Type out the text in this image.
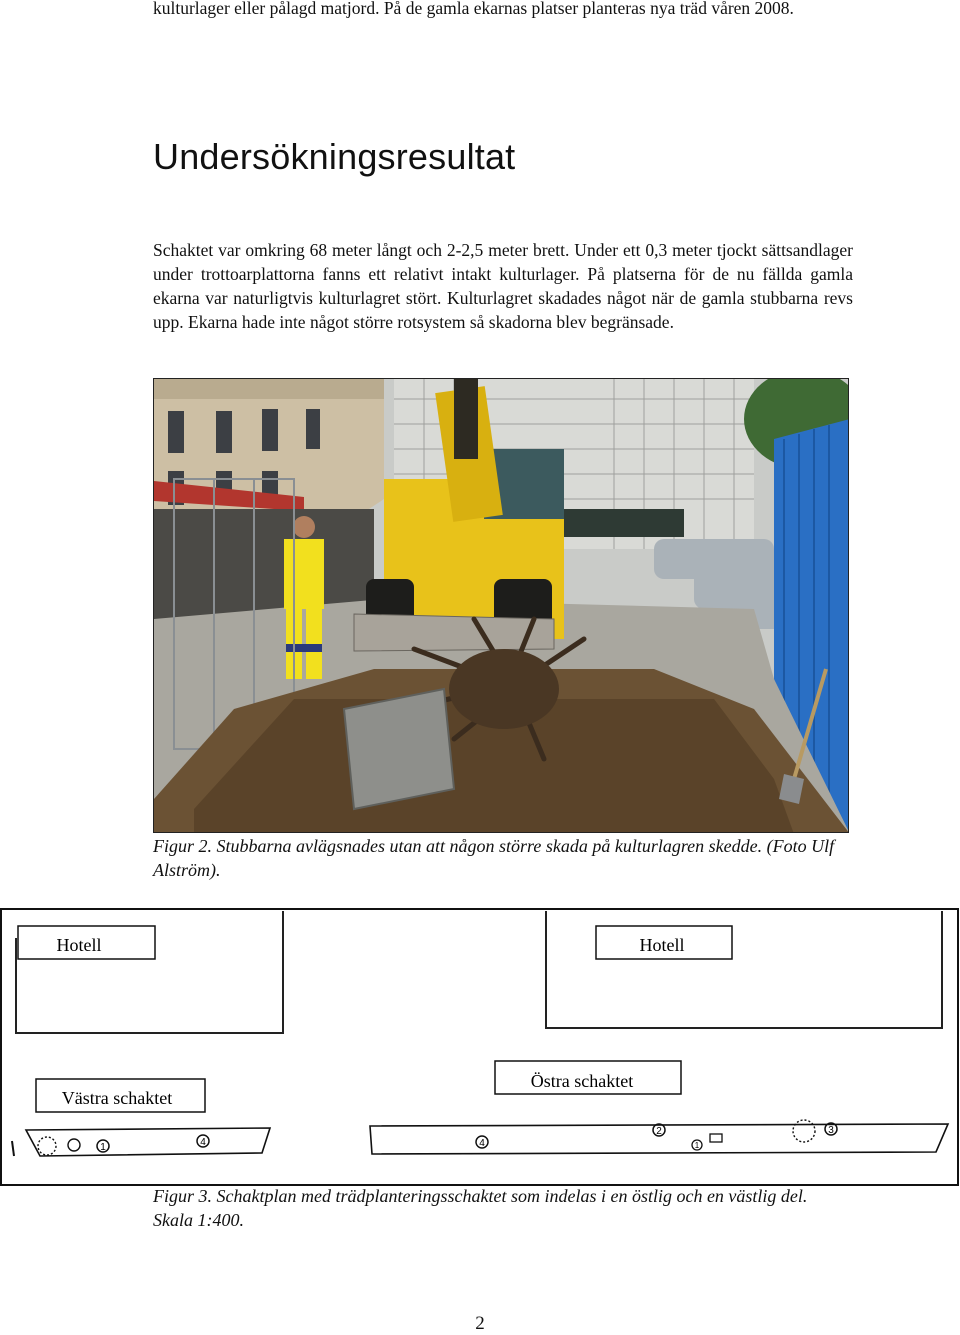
kulturlager eller pålagd matjord. På de gamla ekarnas platser planteras nya träd våren 2008.

Undersökningsresultat

Schaktet var omkring 68 meter långt och 2-2,5 meter brett. Under ett 0,3 meter tjockt sättsandlager under trottoarplattorna fanns ett relativt intakt kulturlager. På platserna för de nu fällda gamla ekarna var naturligtvis kulturlagret stört. Kulturlagret skadades något när de gamla stubbarna revs upp. Ekarna hade inte något större rotsystem så skadorna blev begränsade.

Figur 2. Stubbarna avlägsnades utan att någon större skada på kulturlagren skedde. (Foto Ulf Alström).
Hotell	Hotell
Västra schaktet
Östra schaktet
1	4	4
2	3
1
Figur 3. Schaktplan med trädplanteringsschaktet som indelas i en östlig och en västlig del. Skala 1:400.
2
